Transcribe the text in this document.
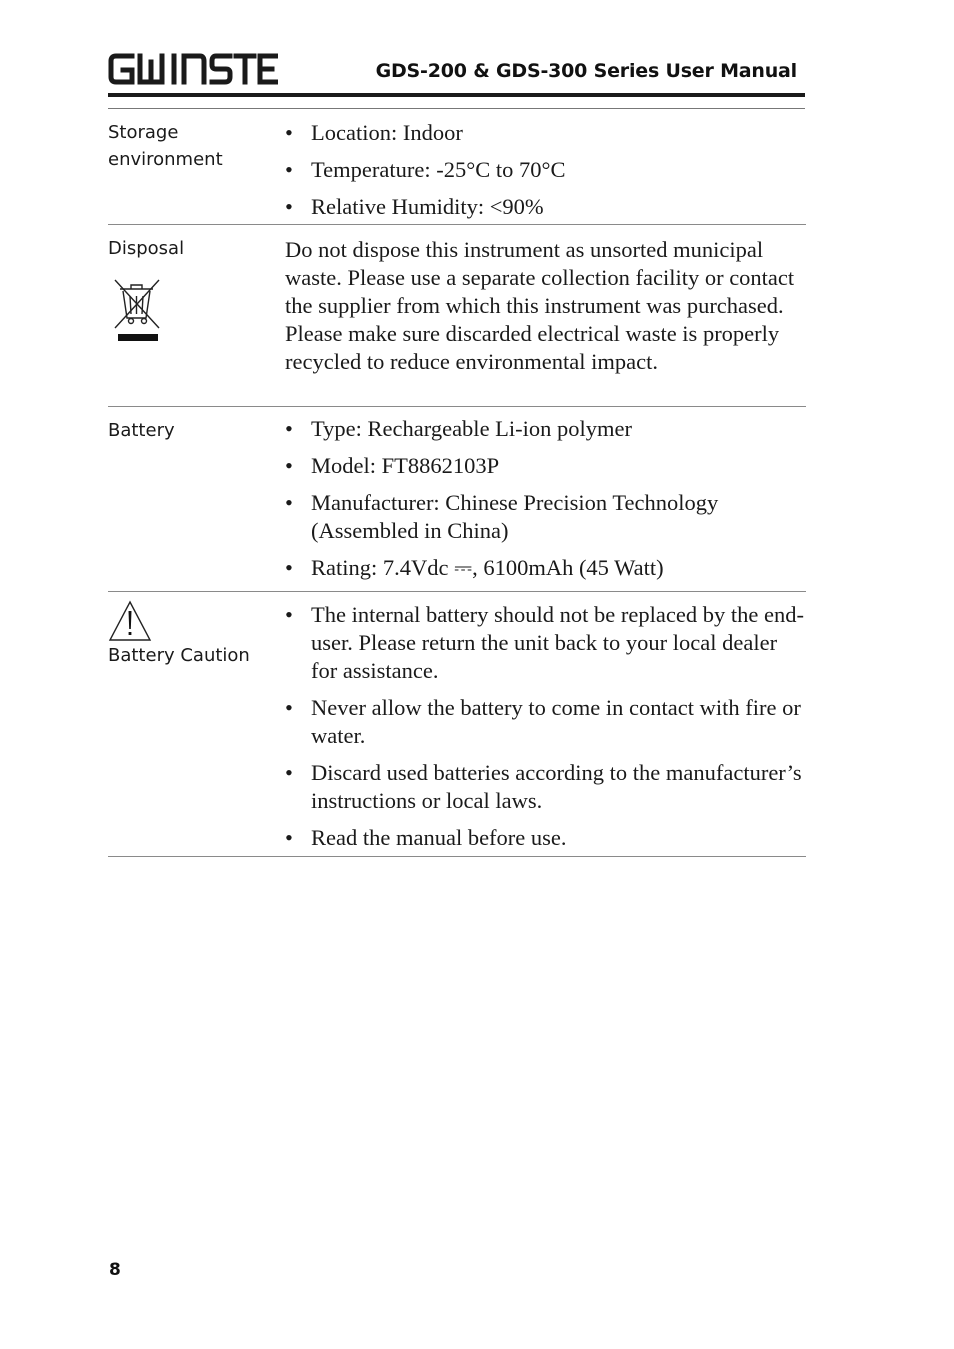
GDS-200 & GDS-300 Series User Manual
Storage environment
• Location: Indoor
• Temperature: -25°C to 70°C
• Relative Humidity: <90%
Disposal	Do not dispose this instrument as unsorted municipal waste. Please use a separate collection facility or contact the supplier from which this instrument was purchased. Please make sure discarded electrical waste is properly recycled to reduce environmental impact.
Battery
•	Type: Rechargeable Li-ion polymer
• Model: FT8862103P
• Manufacturer: Chinese Precision Technology (Assembled in China)
• Rating: 7.4Vdc ⎓, 6100mAh (45 Watt)
Battery Caution
• The internal battery should not be replaced by the end-user. Please return the unit back to your local dealer for assistance.
• Never allow the battery to come in contact with fire or water.
• Discard used batteries according to the manufacturer’s instructions or local laws.
• Read the manual before use.
8
